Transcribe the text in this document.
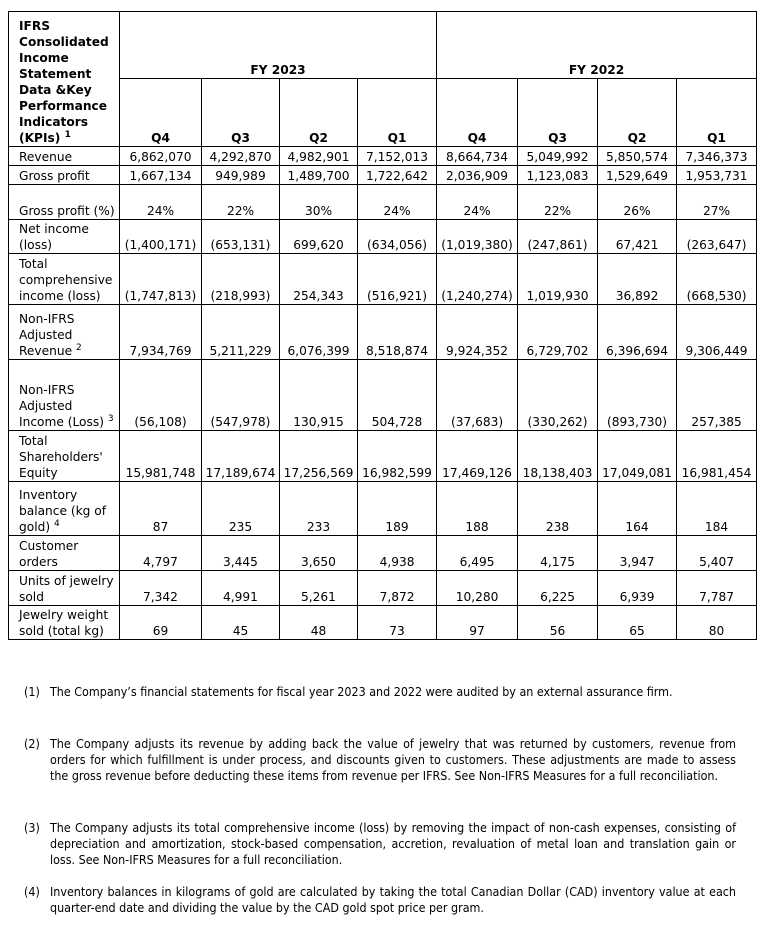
IFRS Consolidated Income Statement Data &Key Performance Indicators (KPIs) $^1$	FY 2023				FY 2022			
	Q4	Q3	Q2	Q1	Q4	Q3	Q2	Q1
Revenue	6,862,070	4,292,870	4,982,901	7,152,013	8,664,734	5,049,992	5,850,574	7,346,373
Gross profit	1,667,134	949,989	1,489,700	1,722,642	2,036,909	1,123,083	1,529,649	1,953,731
Gross profit (%)	24%	22%	30%	24%	24%	22%	26%	27%
Net income (loss)	(1,400,171)	(653,131)	699,620	(634,056)	(1,019,380)	(247,861)	67,421	(263,647)
Total comprehensive income (loss)	(1,747,813)	(218,993)	254,343	(516,921)	(1,240,274)	1,019,930	36,892	(668,530)
Non-IFRS Adjusted Revenue $^2$	7,934,769	5,211,229	6,076,399	8,518,874	9,924,352	6,729,702	6,396,694	9,306,449
Non-IFRS Adjusted Income (Loss) $^3$	(56,108)	(547,978)	130,915	504,728	(37,683)	(330,262)	(893,730)	257,385
Total Shareholders' Equity	15,981,748	17,189,674	17,256,569	16,982,599	17,469,126	18,138,403	17,049,081	16,981,454
Inventory balance (kg of gold) $^4$	87	235	233	189	188	238	164	184
Customer orders	4,797	3,445	3,650	4,938	6,495	4,175	3,947	5,407
Units of jewelry sold	7,342	4,991	5,261	7,872	10,280	6,225	6,939	7,787
Jewelry weight sold (total kg)	69	45	48	73	97	56	65	80
(1) The Company’s financial statements for fiscal year 2023 and 2022 were audited by an external assurance firm.
(2) The Company adjusts its revenue by adding back the value of jewelry that was returned by customers, revenue from orders for which fulfillment is under process, and discounts given to customers. These adjustments are made to assess the gross revenue before deducting these items from revenue per IFRS. See Non-IFRS Measures for a full reconciliation.
(3) The Company adjusts its total comprehensive income (loss) by removing the impact of non-cash expenses, consisting of depreciation and amortization, stock-based compensation, accretion, revaluation of metal loan and translation gain or loss. See Non-IFRS Measures for a full reconciliation.
(4) Inventory balances in kilograms of gold are calculated by taking the total Canadian Dollar (CAD) inventory value at each quarter-end date and dividing the value by the CAD gold spot price per gram.
